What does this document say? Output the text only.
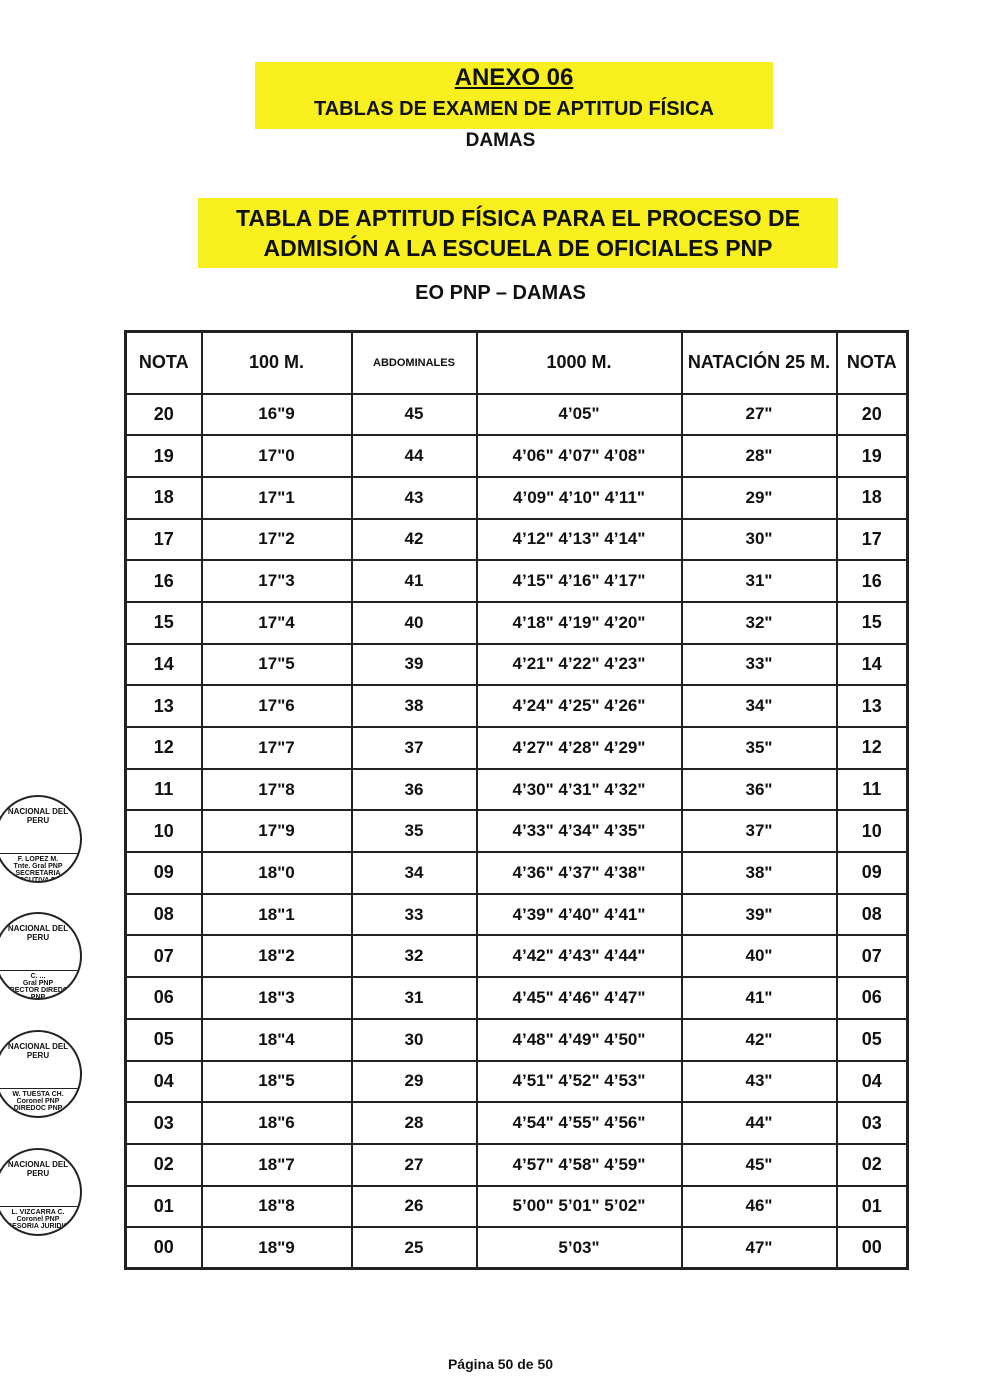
ANEXO 06
TABLAS DE EXAMEN DE APTITUD FÍSICA
DAMAS
TABLA DE APTITUD FÍSICA PARA EL PROCESO DE
ADMISIÓN A LA ESCUELA DE OFICIALES PNP
EO PNP – DAMAS
NOTA	100 M.	ABDOMINALES	1000 M.	NATACIÓN 25 M.	NOTA
20	16"9	45	4’05"	27"	20
19	17"0	44	4’06" 4’07" 4’08"	28"	19
18	17"1	43	4’09" 4’10" 4’11"	29"	18
17	17"2	42	4’12" 4’13" 4’14"	30"	17
16	17"3	41	4’15" 4’16" 4’17"	31"	16
15	17"4	40	4’18" 4’19" 4’20"	32"	15
14	17"5	39	4’21" 4’22" 4’23"	33"	14
13	17"6	38	4’24" 4’25" 4’26"	34"	13
12	17"7	37	4’27" 4’28" 4’29"	35"	12
11	17"8	36	4’30" 4’31" 4’32"	36"	11
10	17"9	35	4’33" 4’34" 4’35"	37"	10
09	18"0	34	4’36" 4’37" 4’38"	38"	09
08	18"1	33	4’39" 4’40" 4’41"	39"	08
07	18"2	32	4’42" 4’43" 4’44"	40"	07
06	18"3	31	4’45" 4’46" 4’47"	41"	06
05	18"4	30	4’48" 4’49" 4’50"	42"	05
04	18"5	29	4’51" 4’52" 4’53"	43"	04
03	18"6	28	4’54" 4’55" 4’56"	44"	03
02	18"7	27	4’57" 4’58" 4’59"	45"	02
01	18"8	26	5’00" 5’01" 5’02"	46"	01
00	18"9	25	5’03"	47"	00
NACIONAL DEL PERU
F. LOPEZ M.
Tnte. Gral PNP
SECRETARIA EJECUTIVA PNP
NACIONAL DEL PERU
C. ...
Gral PNP
DIRECTOR DIREDOC PNP
NACIONAL DEL PERU
W. TUESTA CH.
Coronel PNP
DIREDOC PNP
NACIONAL DEL PERU
L. VIZCARRA C.
Coronel PNP
ASESORIA JURIDICA
Página 50 de 50
